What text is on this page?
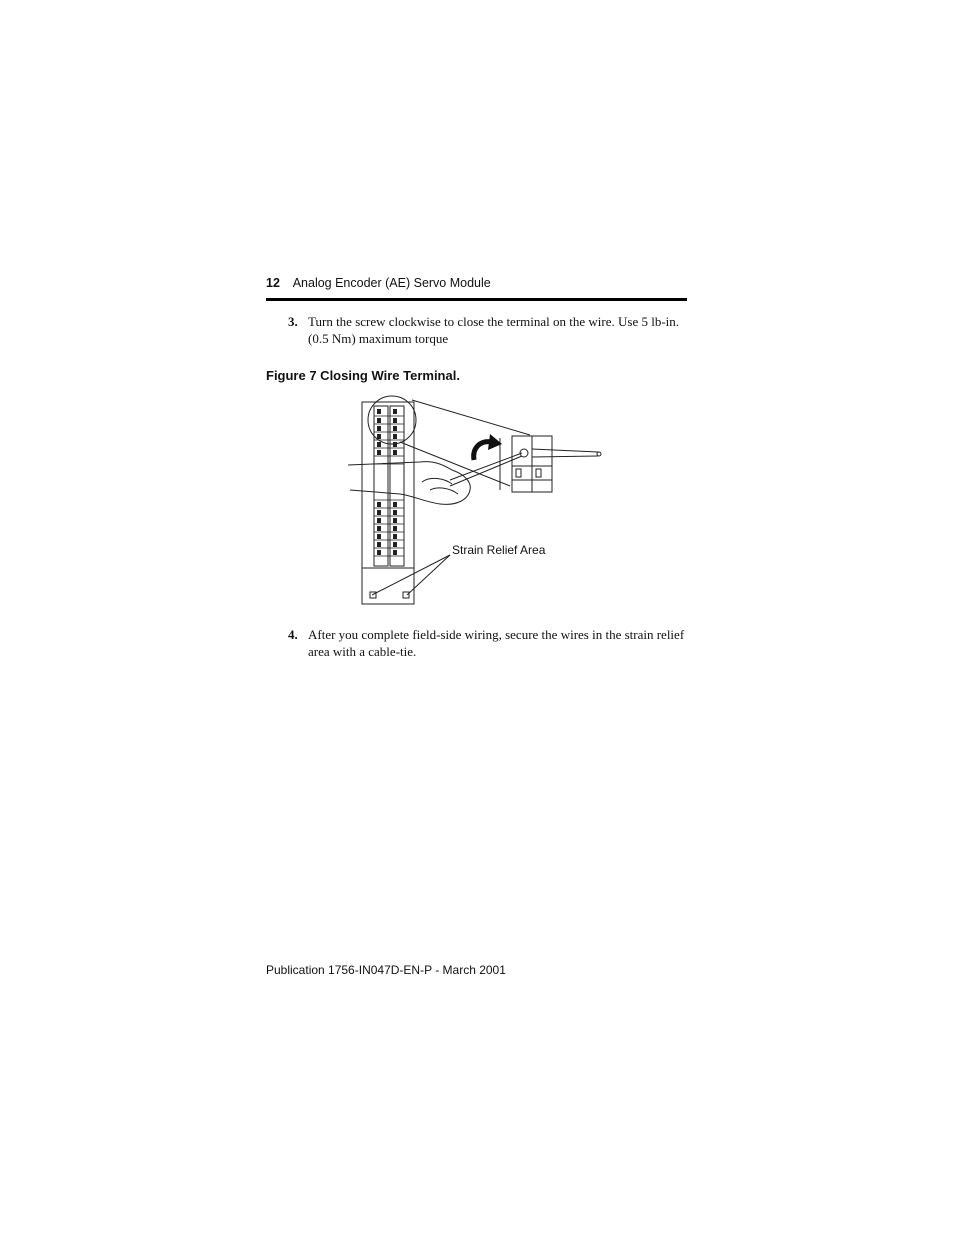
12 Analog Encoder (AE) Servo Module
3. Turn the screw clockwise to close the terminal on the wire. Use 5 lb-in. (0.5 Nm) maximum torque
Figure 7 Closing Wire Terminal.
Strain Relief Area
4. After you complete field-side wiring, secure the wires in the strain relief area with a cable-tie.
Publication 1756-IN047D-EN-P - March 2001
